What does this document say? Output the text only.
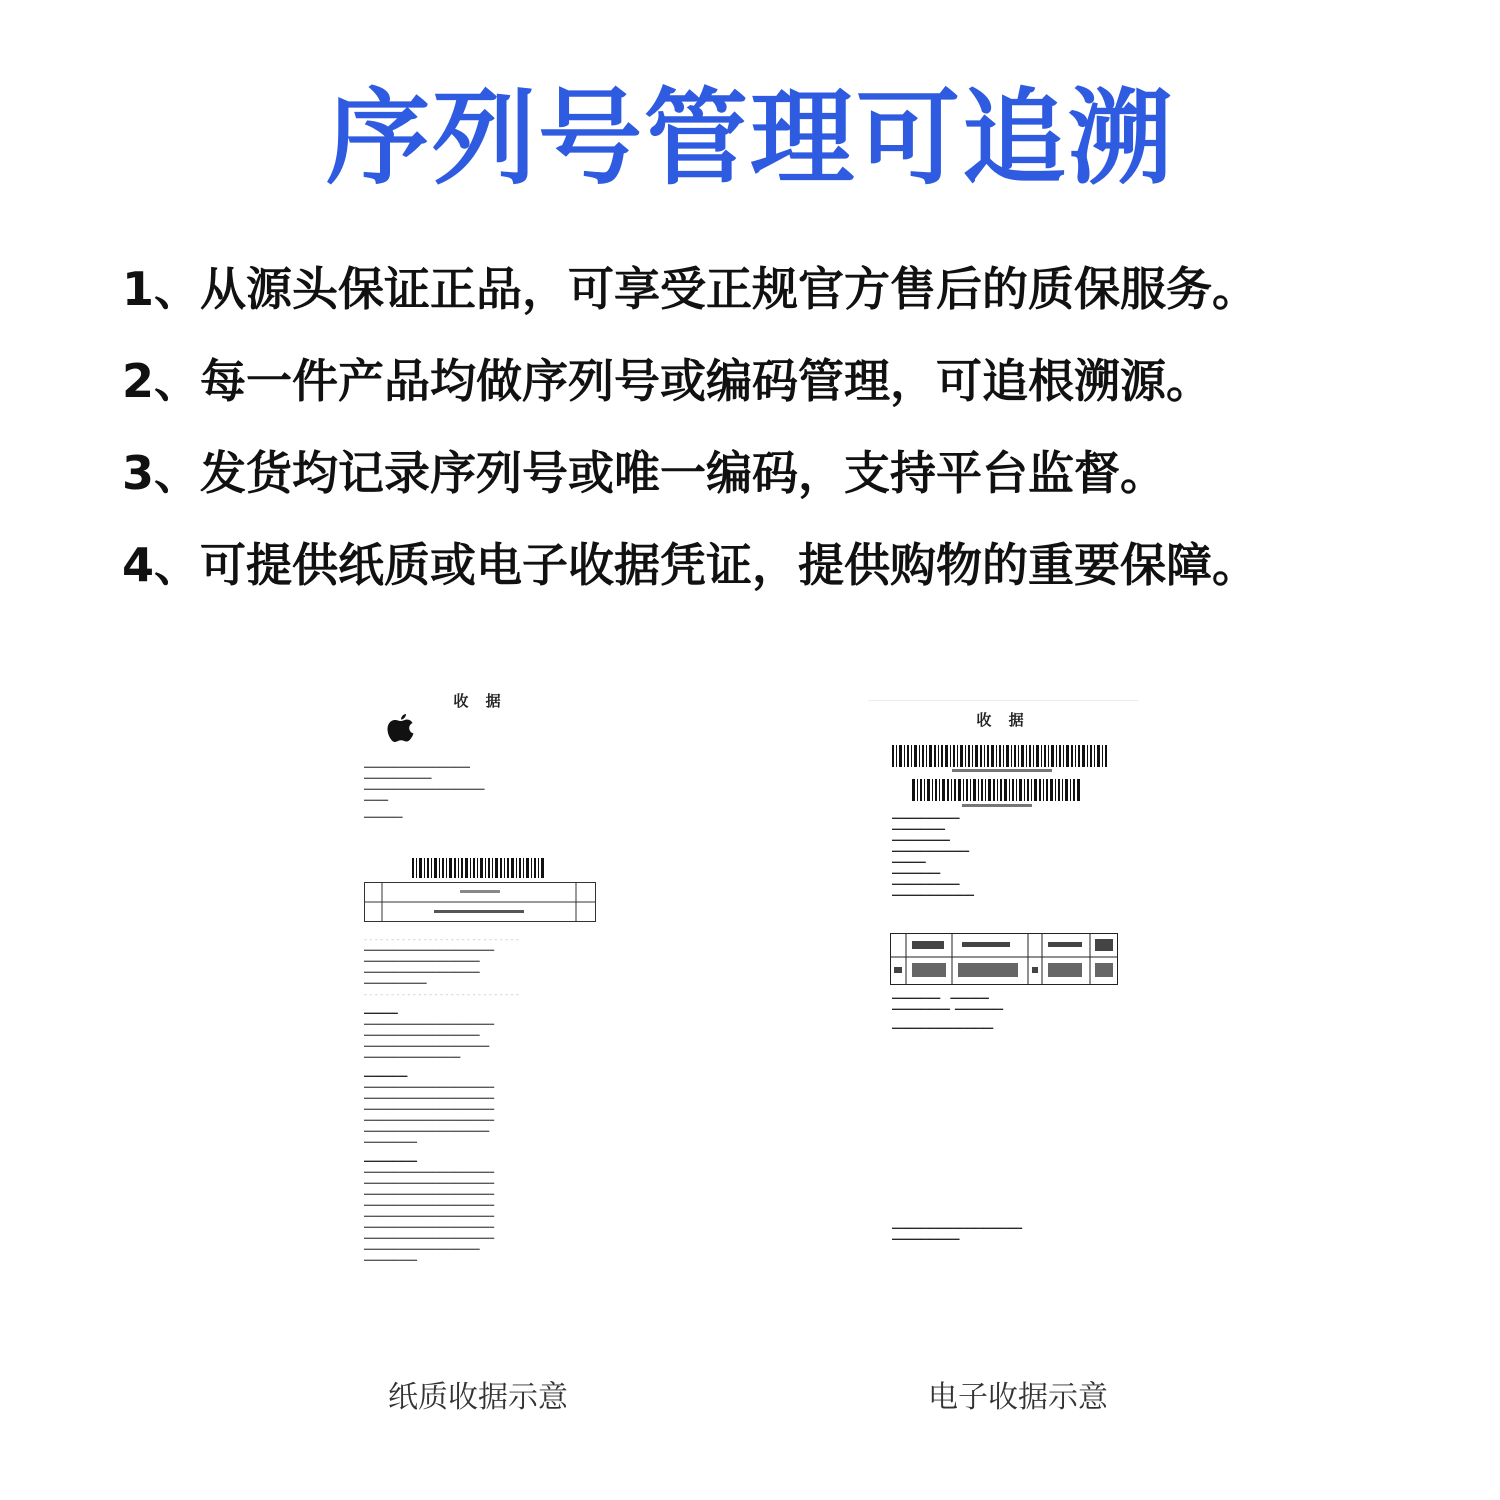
序列号管理可追溯
1、从源头保证正品，可享受正规官方售后的质保服务。
2、每一件产品均做序列号或编码管理，可追根溯源。
3、发货均记录序列号或唯一编码，支持平台监督。
4、可提供纸质或电子收据凭证，提供购物的重要保障。
收 据
━━━━━━━━━━━━━━━━━━━━━━
━━━━━━━━━━━━━━
━━━━━━━━━━━━━━━━━━━━━━━━━
━━━━━
━━━━━━━━
- - - - - - - - - - - - - - - - - - - - - - - - - - - - -
━━━━━━━━━━━━━━━━━━━━━━━━━━━
━━━━━━━━━━━━━━━━━━━━━━━━
━━━━━━━━━━━━━━━━━━━━━━━━
━━━━━━━━━━━━━
- - - - - - - - - - - - - - - - - - - - - - - - - - - - -
━━━━━━━
━━━━━━━━━━━━━━━━━━━━━━━━━━━
━━━━━━━━━━━━━━━━━━━━━━━━
━━━━━━━━━━━━━━━━━━━━━━━━━━
━━━━━━━━━━━━━━━━━━━━
━━━━━━━━━
━━━━━━━━━━━━━━━━━━━━━━━━━━━
━━━━━━━━━━━━━━━━━━━━━━━━━━━
━━━━━━━━━━━━━━━━━━━━━━━━━━━
━━━━━━━━━━━━━━━━━━━━━━━━━━━
━━━━━━━━━━━━━━━━━━━━━━━━━━
━━━━━━━━━━━
━━━━━━━━━━━
━━━━━━━━━━━━━━━━━━━━━━━━━━━
━━━━━━━━━━━━━━━━━━━━━━━━━━━
━━━━━━━━━━━━━━━━━━━━━━━━━━━
━━━━━━━━━━━━━━━━━━━━━━━━━━━
━━━━━━━━━━━━━━━━━━━━━━━━━━━
━━━━━━━━━━━━━━━━━━━━━━━━━━━
━━━━━━━━━━━━━━━━━━━━━━━━━━━
━━━━━━━━━━━━━━━━━━━━━━━━
━━━━━━━━━━━
收 据
━━━━━━━━━━━━━━
━━━━━━━━━━━
━━━━━━━━━━━━
━━━━━━━━━━━━━━━━
━━━━━━━
━━━━━━━━━━
━━━━━━━━━━━━━━
━━━━━━━━━━━━━━━━━
━━━━━━━━━━    ━━━━━━━━
━━━━━━━━━━━━  ━━━━━━━━━━
━━━━━━━━━━━━━━━━━━━━━
━━━━━━━━━━━━━━━━━━━━━━━━━━━
━━━━━━━━━━━━━━
纸质收据示意	电子收据示意
